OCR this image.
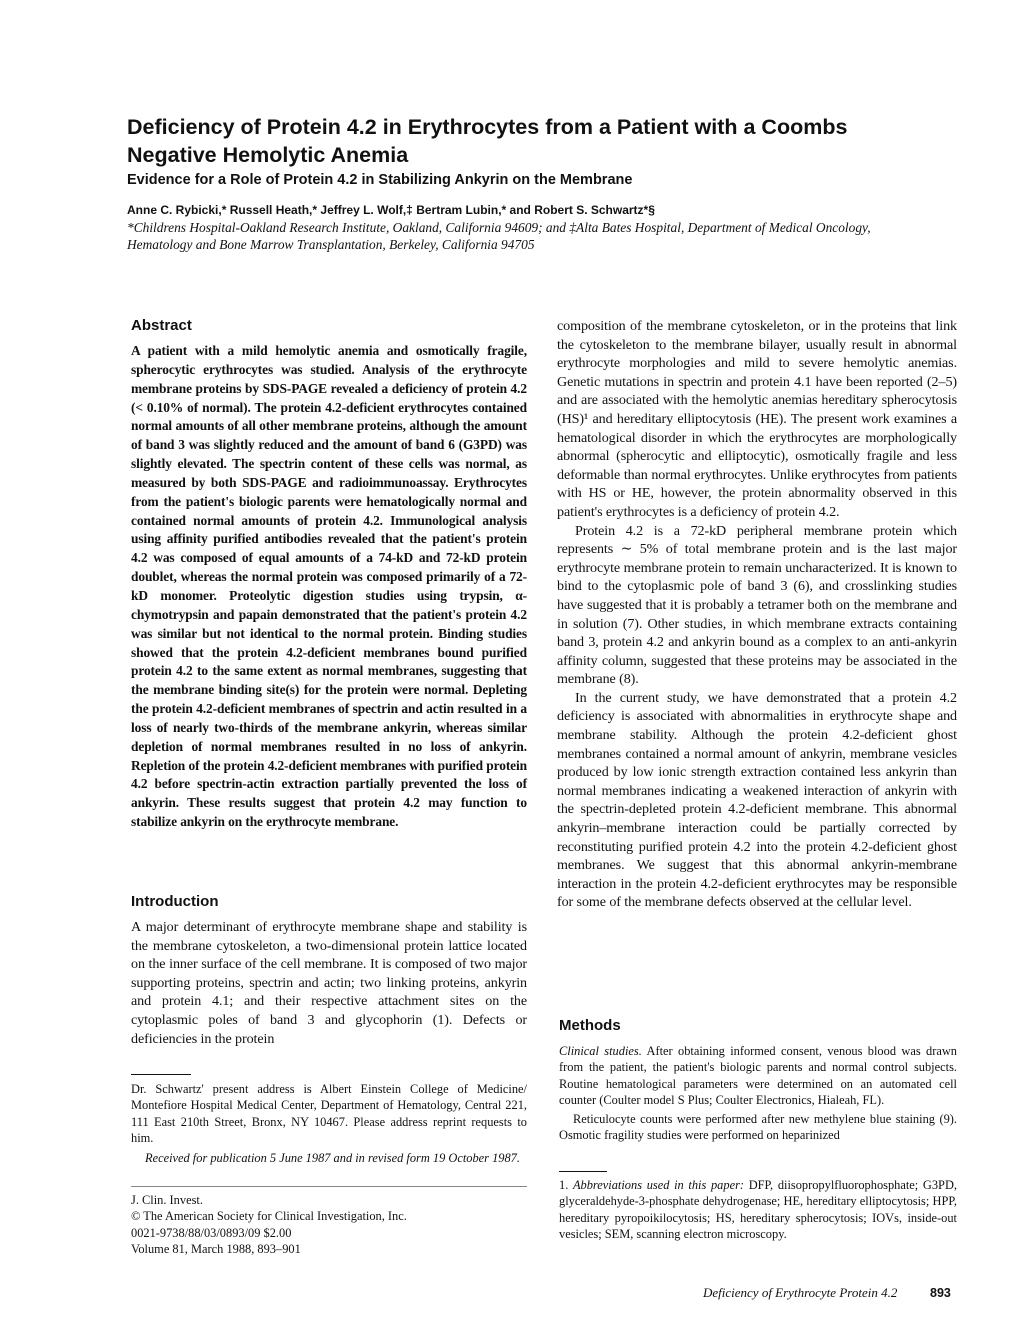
Deficiency of Protein 4.2 in Erythrocytes from a Patient with a Coombs Negative Hemolytic Anemia
Evidence for a Role of Protein 4.2 in Stabilizing Ankyrin on the Membrane
Anne C. Rybicki,* Russell Heath,* Jeffrey L. Wolf,‡ Bertram Lubin,* and Robert S. Schwartz*§
*Childrens Hospital-Oakland Research Institute, Oakland, California 94609; and ‡Alta Bates Hospital, Department of Medical Oncology, Hematology and Bone Marrow Transplantation, Berkeley, California 94705
Abstract
A patient with a mild hemolytic anemia and osmotically fragile, spherocytic erythrocytes was studied. Analysis of the erythrocyte membrane proteins by SDS-PAGE revealed a deficiency of protein 4.2 (< 0.10% of normal). The protein 4.2-deficient erythrocytes contained normal amounts of all other membrane proteins, although the amount of band 3 was slightly reduced and the amount of band 6 (G3PD) was slightly elevated. The spectrin content of these cells was normal, as measured by both SDS-PAGE and radioimmunoassay. Erythrocytes from the patient's biologic parents were hematologically normal and contained normal amounts of protein 4.2. Immunological analysis using affinity purified antibodies revealed that the patient's protein 4.2 was composed of equal amounts of a 74-kD and 72-kD protein doublet, whereas the normal protein was composed primarily of a 72-kD monomer. Proteolytic digestion studies using trypsin, α-chymotrypsin and papain demonstrated that the patient's protein 4.2 was similar but not identical to the normal protein. Binding studies showed that the protein 4.2-deficient membranes bound purified protein 4.2 to the same extent as normal membranes, suggesting that the membrane binding site(s) for the protein were normal. Depleting the protein 4.2-deficient membranes of spectrin and actin resulted in a loss of nearly two-thirds of the membrane ankyrin, whereas similar depletion of normal membranes resulted in no loss of ankyrin. Repletion of the protein 4.2-deficient membranes with purified protein 4.2 before spectrin-actin extraction partially prevented the loss of ankyrin. These results suggest that protein 4.2 may function to stabilize ankyrin on the erythrocyte membrane.
Introduction

A major determinant of erythrocyte membrane shape and stability is the membrane cytoskeleton, a two-dimensional protein lattice located on the inner surface of the cell membrane. It is composed of two major supporting proteins, spectrin and actin; two linking proteins, ankyrin and protein 4.1; and their respective attachment sites on the cytoplasmic poles of band 3 and glycophorin (1). Defects or deficiencies in the protein

Dr. Schwartz' present address is Albert Einstein College of Medicine/ Montefiore Hospital Medical Center, Department of Hematology, Central 221, 111 East 210th Street, Bronx, NY 10467. Please address reprint requests to him.

Received for publication 5 June 1987 and in revised form 19 October 1987.

J. Clin. Invest.
© The American Society for Clinical Investigation, Inc.
0021-9738/88/03/0893/09 $2.00
Volume 81, March 1988, 893–901

composition of the membrane cytoskeleton, or in the proteins that link the cytoskeleton to the membrane bilayer, usually result in abnormal erythrocyte morphologies and mild to severe hemolytic anemias. Genetic mutations in spectrin and protein 4.1 have been reported (2–5) and are associated with the hemolytic anemias hereditary spherocytosis (HS)¹ and hereditary elliptocytosis (HE). The present work examines a hematological disorder in which the erythrocytes are morphologically abnormal (spherocytic and elliptocytic), osmotically fragile and less deformable than normal erythrocytes. Unlike erythrocytes from patients with HS or HE, however, the protein abnormality observed in this patient's erythrocytes is a deficiency of protein 4.2.

Protein 4.2 is a 72-kD peripheral membrane protein which represents ∼ 5% of total membrane protein and is the last major erythrocyte membrane protein to remain uncharacterized. It is known to bind to the cytoplasmic pole of band 3 (6), and crosslinking studies have suggested that it is probably a tetramer both on the membrane and in solution (7). Other studies, in which membrane extracts containing band 3, protein 4.2 and ankyrin bound as a complex to an anti-ankyrin affinity column, suggested that these proteins may be associated in the membrane (8).

In the current study, we have demonstrated that a protein 4.2 deficiency is associated with abnormalities in erythrocyte shape and membrane stability. Although the protein 4.2-deficient ghost membranes contained a normal amount of ankyrin, membrane vesicles produced by low ionic strength extraction contained less ankyrin than normal membranes indicating a weakened interaction of ankyrin with the spectrin-depleted protein 4.2-deficient membrane. This abnormal ankyrin–membrane interaction could be partially corrected by reconstituting purified protein 4.2 into the protein 4.2-deficient ghost membranes. We suggest that this abnormal ankyrin-membrane interaction in the protein 4.2-deficient erythrocytes may be responsible for some of the membrane defects observed at the cellular level.

Methods

Clinical studies. After obtaining informed consent, venous blood was drawn from the patient, the patient's biologic parents and normal control subjects. Routine hematological parameters were determined on an automated cell counter (Coulter model S Plus; Coulter Electronics, Hialeah, FL).

Reticulocyte counts were performed after new methylene blue staining (9). Osmotic fragility studies were performed on heparinized

1. Abbreviations used in this paper: DFP, diisopropylfluorophosphate; G3PD, glyceraldehyde-3-phosphate dehydrogenase; HE, hereditary elliptocytosis; HPP, hereditary pyropoikilocytosis; HS, hereditary spherocytosis; IOVs, inside-out vesicles; SEM, scanning electron microscopy.

Deficiency of Erythrocyte Protein 4.2	893
